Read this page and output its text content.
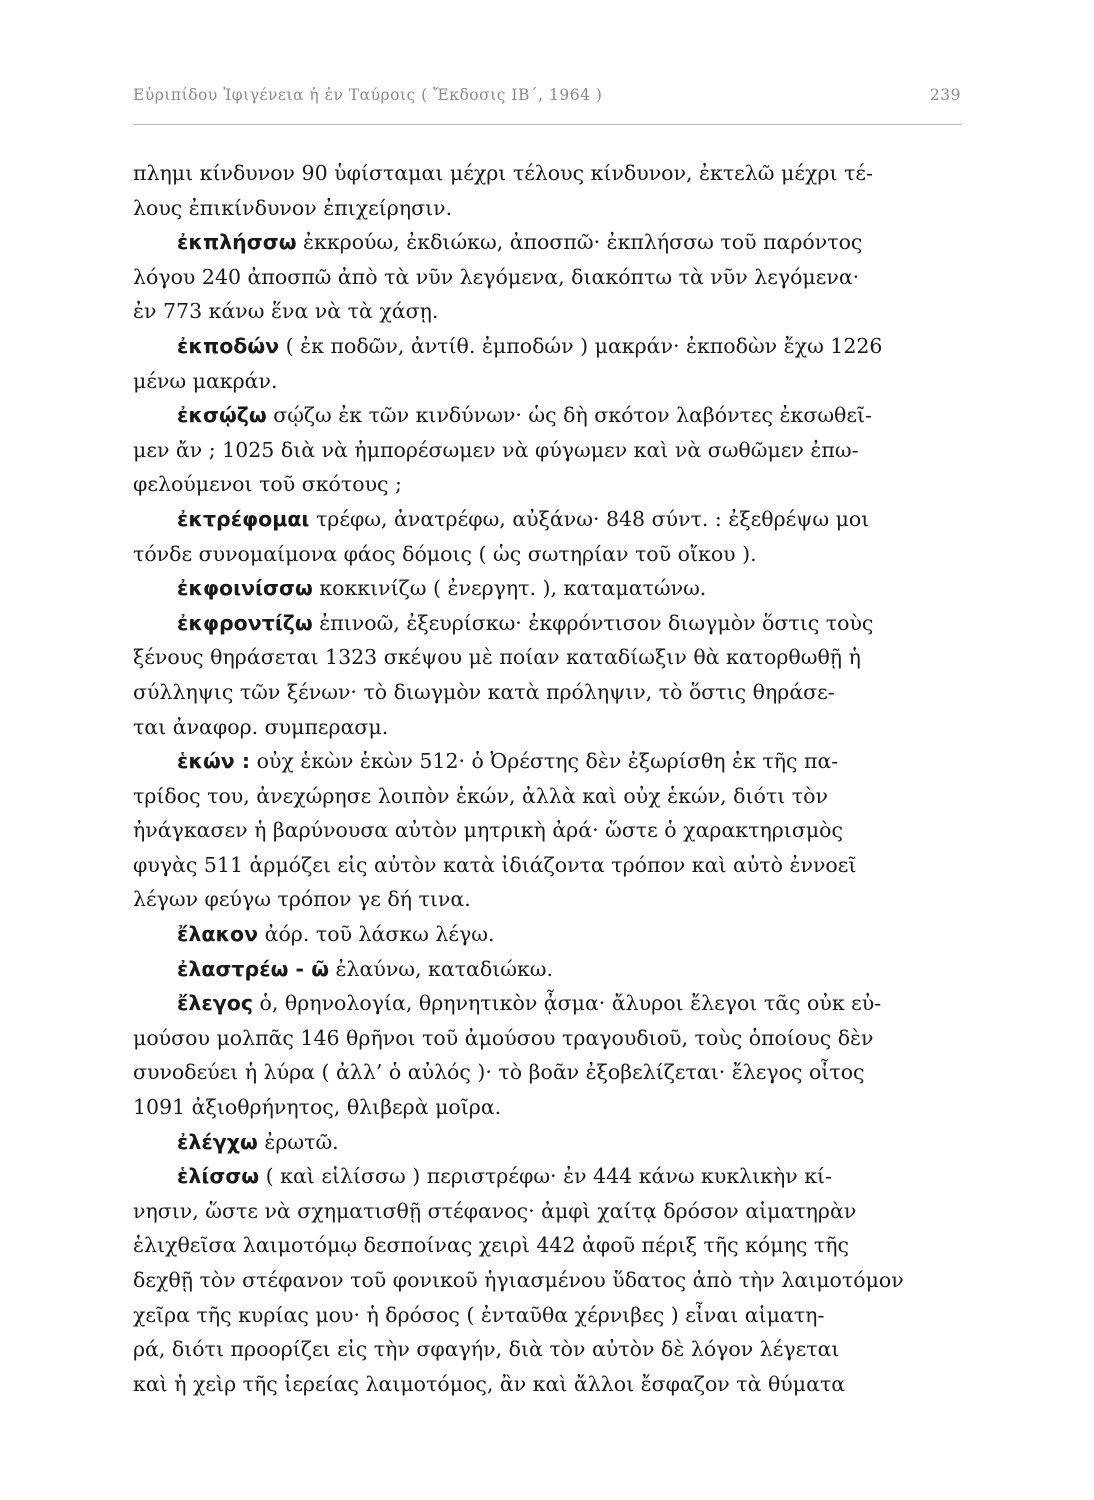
Εὐριπίδου Ἰφιγένεια ἡ ἐν Ταύροις ( Ἔκδοσις ΙΒ΄, 1964 )	239
πλημι κίνδυνον 90 ὑφίσταμαι μέχρι τέλους κίνδυνον, ἐκτελῶ μέχρι τέ-
λους ἐπικίνδυνον ἐπιχείρησιν.
ἐκπλήσσω ἐκκρούω, ἐκδιώκω, ἀποσπῶ· ἐκπλήσσω τοῦ παρόντος
λόγου 240 ἀποσπῶ ἀπὸ τὰ νῦν λεγόμενα, διακόπτω τὰ νῦν λεγόμενα·
ἐν 773 κάνω ἕνα νὰ τὰ χάσῃ.
ἐκποδών ( ἐκ ποδῶν, ἀντίθ. ἐμποδών ) μακράν· ἐκποδὼν ἔχω 1226
μένω μακράν.
ἐκσῴζω σῴζω ἐκ τῶν κινδύνων· ὡς δὴ σκότον λαβόντες ἐκσωθεῖ-
μεν ἄν ; 1025 διὰ νὰ ἠμπορέσωμεν νὰ φύγωμεν καὶ νὰ σωθῶμεν ἐπω-
φελούμενοι τοῦ σκότους ;
ἐκτρέφομαι τρέφω, ἀνατρέφω, αὐξάνω· 848 σύντ. : ἐξεθρέψω μοι
τόνδε συνομαίμονα φάος δόμοις ( ὡς σωτηρίαν τοῦ οἴκου ).
ἐκφοινίσσω κοκκινίζω ( ἐνεργητ. ), καταματώνω.
ἐκφροντίζω ἐπινοῶ, ἐξευρίσκω· ἐκφρόντισον διωγμὸν ὅστις τοὺς
ξένους θηράσεται 1323 σκέψου μὲ ποίαν καταδίωξιν θὰ κατορθωθῇ ἡ
σύλληψις τῶν ξένων· τὸ διωγμὸν κατὰ πρόληψιν, τὸ ὅστις θηράσε-
ται ἀναφορ. συμπερασμ.
ἑκών : οὐχ ἑκὼν ἑκὼν 512· ὁ Ὀρέστης δὲν ἐξωρίσθη ἐκ τῆς πα-
τρίδος του, ἀνεχώρησε λοιπὸν ἑκών, ἀλλὰ καὶ οὐχ ἑκών, διότι τὸν
ἠνάγκασεν ἡ βαρύνουσα αὐτὸν μητρικὴ ἀρά· ὥστε ὁ χαρακτηρισμὸς
φυγὰς 511 ἁρμόζει εἰς αὐτὸν κατὰ ἰδιάζοντα τρόπον καὶ αὐτὸ ἐννοεῖ
λέγων φεύγω τρόπον γε δή τινα.
ἔλακον ἀόρ. τοῦ λάσκω λέγω.
ἐλαστρέω - ῶ ἐλαύνω, καταδιώκω.
ἔλεγος ὁ, θρηνολογία, θρηνητικὸν ᾆσμα· ἄλυροι ἔλεγοι τᾶς οὐκ εὐ-
μούσου μολπᾶς 146 θρῆνοι τοῦ ἀμούσου τραγουδιοῦ, τοὺς ὁποίους δὲν
συνοδεύει ἡ λύρα ( ἀλλ’ ὁ αὐλός )· τὸ βοᾶν ἐξοβελίζεται· ἔλεγος οἶτος
1091 ἀξιοθρήνητος, θλιβερὰ μοῖρα.
ἐλέγχω ἐρωτῶ.
ἑλίσσω ( καὶ εἱλίσσω ) περιστρέφω· ἐν 444 κάνω κυκλικὴν κί-
νησιν, ὥστε νὰ σχηματισθῇ στέφανος· ἀμφὶ χαίτᾳ δρόσον αἱματηρὰν
ἑλιχθεῖσα λαιμοτόμῳ δεσποίνας χειρὶ 442 ἀφοῦ πέριξ τῆς κόμης τῆς
δεχθῇ τὸν στέφανον τοῦ φονικοῦ ἡγιασμένου ὕδατος ἀπὸ τὴν λαιμοτόμον
χεῖρα τῆς κυρίας μου· ἡ δρόσος ( ἐνταῦθα χέρνιβες ) εἶναι αἱματη-
ρά, διότι προορίζει εἰς τὴν σφαγήν, διὰ τὸν αὐτὸν δὲ λόγον λέγεται
καὶ ἡ χεὶρ τῆς ἱερείας λαιμοτόμος, ἂν καὶ ἄλλοι ἔσφαζον τὰ θύματα
